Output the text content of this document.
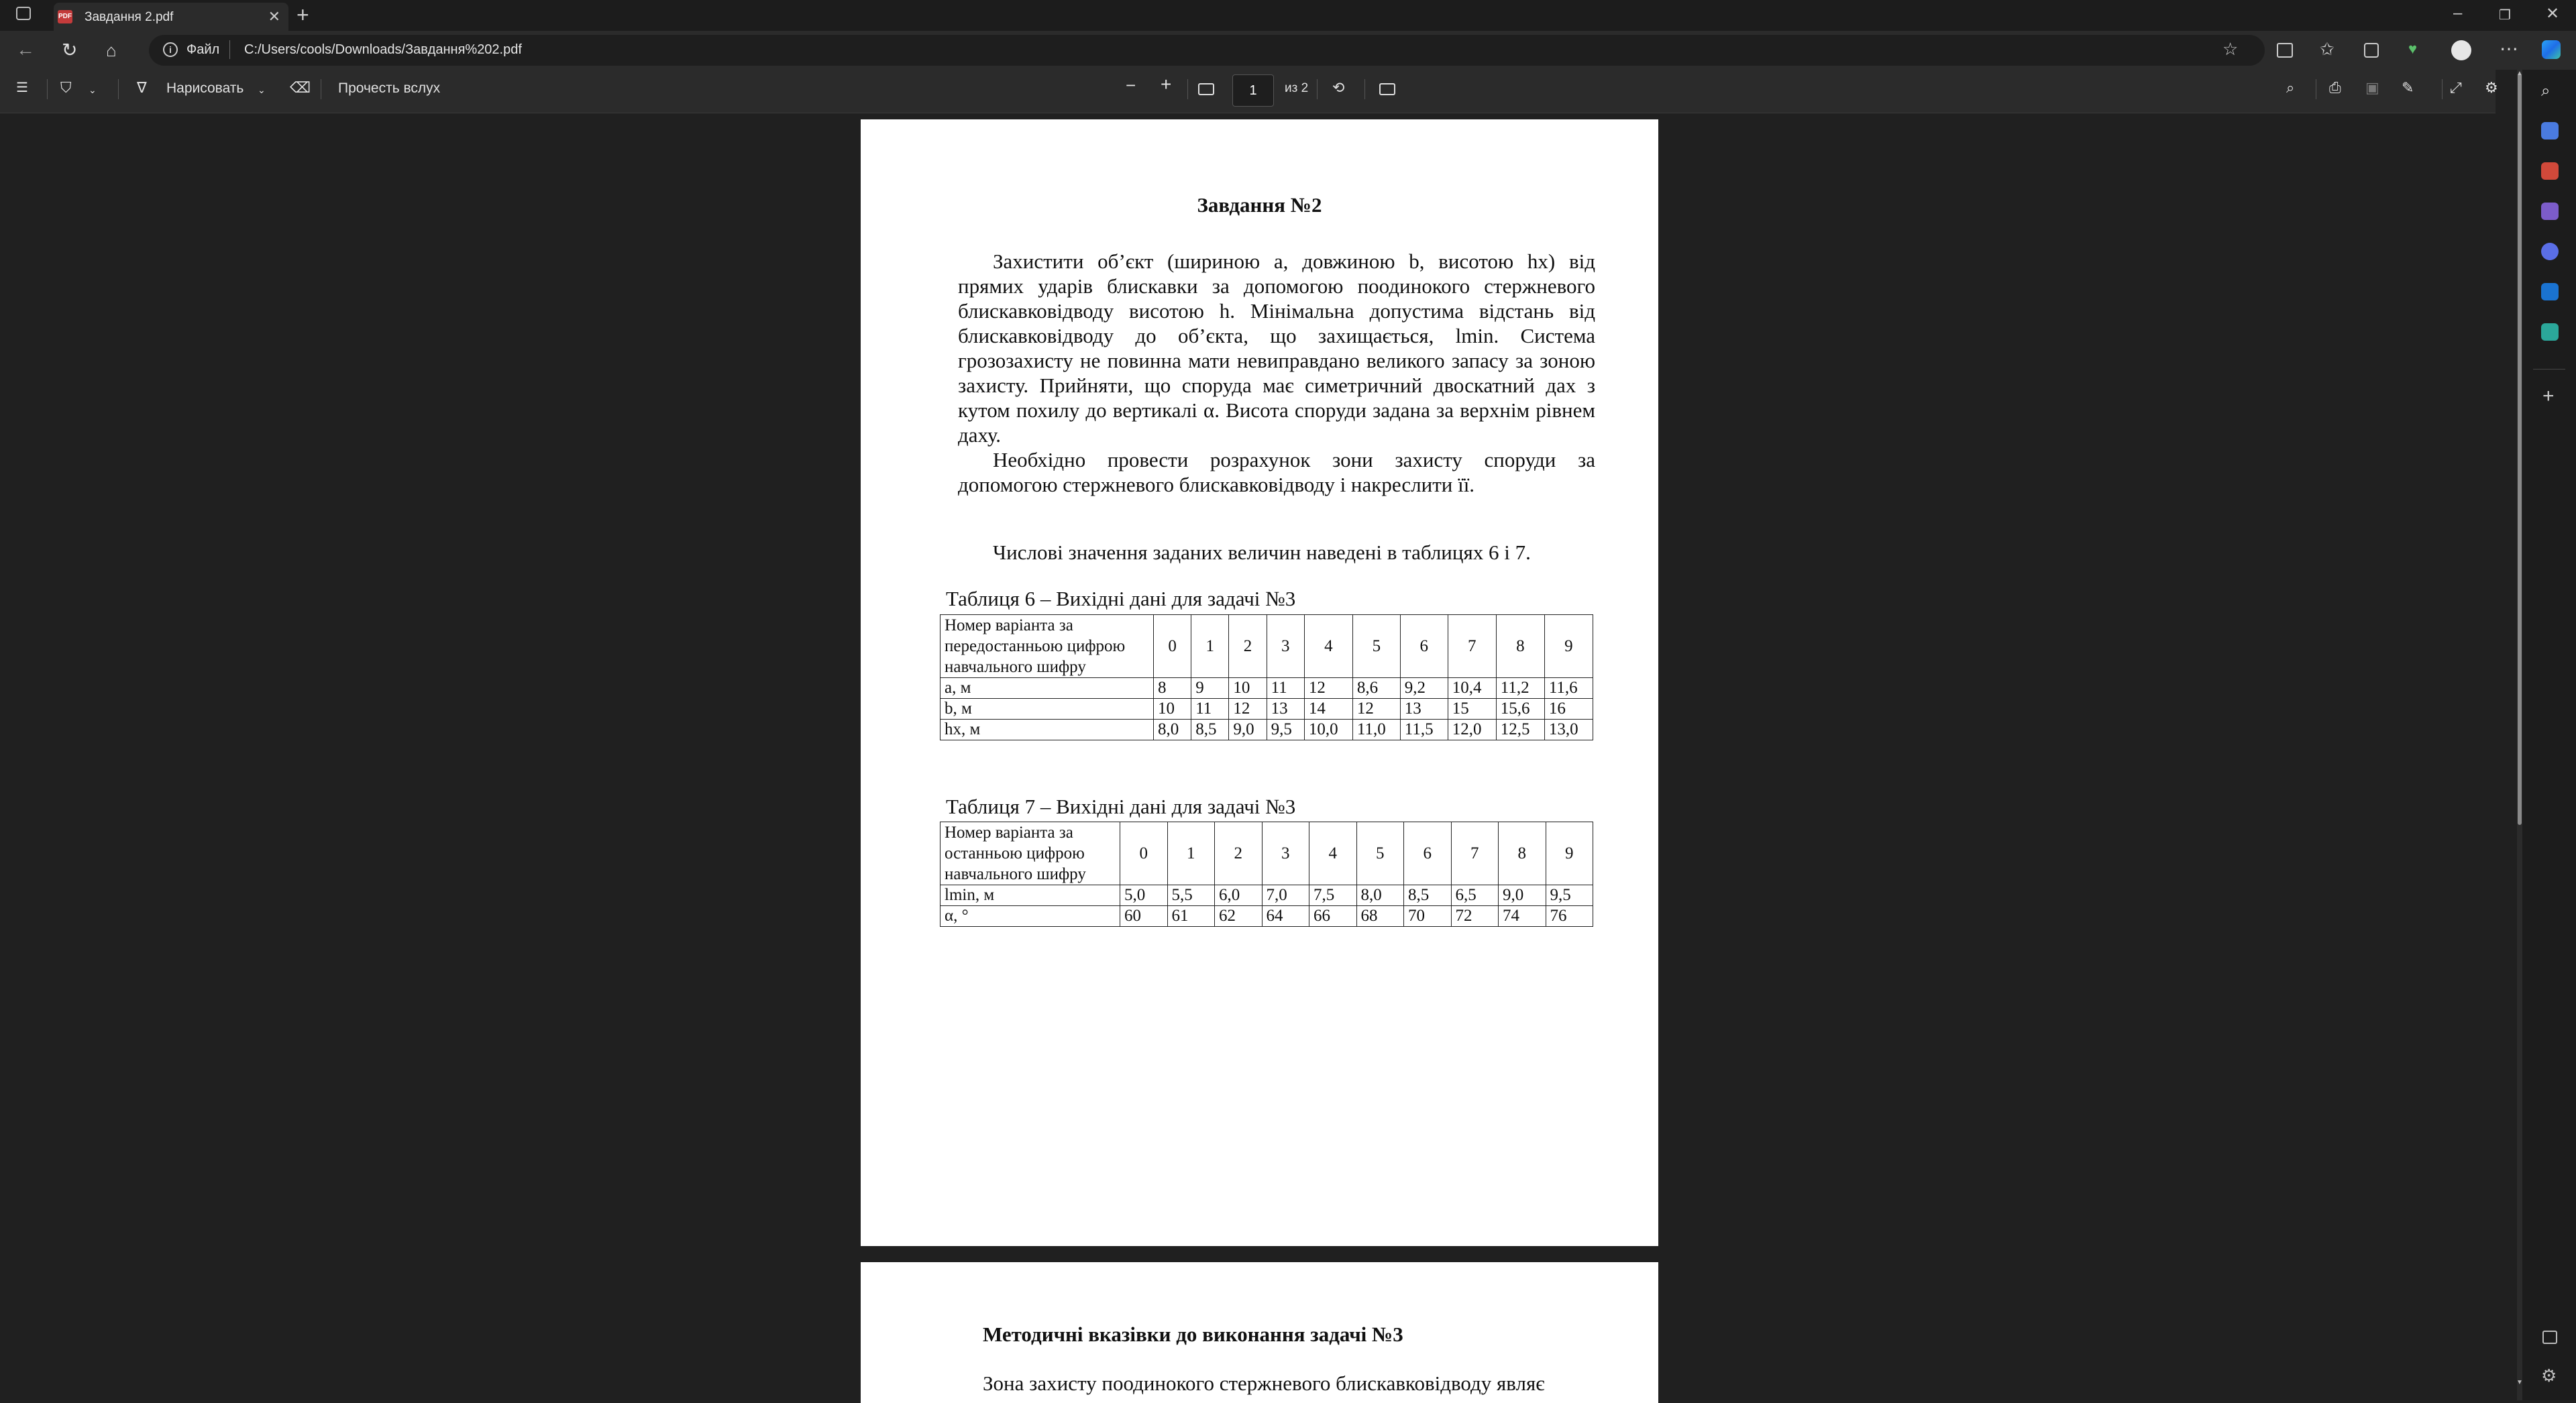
PDF Завдання 2.pdf	✕ +	–	❐ ✕
← ↻ ⌂	i	Файл C:/Users/cools/Downloads/Завдання%202.pdf	☆	✩	♥	⋯
☰ ⛉ ⌄	∇ Нарисовать ⌄ ⌫ Прочесть вслух	− +	1	из 2 ⟲	⌕ ⎙ ▣ ✎ ⤢ ⚙	⌕
+
⚙
▲
▼
Завдання №2

Захистити об’єкт (шириною a, довжиною b, висотою hx) від прямих ударів блискавки за допомогою поодинокого стержневого блискавковідводу висотою h. Мінімальна допустима відстань від блискавковідводу до об’єкта, що захищається, lmin. Система грозозахисту не повинна мати невиправдано великого запасу за зоною захисту. Прийняти, що споруда має симетричний двоскатний дах з кутом похилу до вертикалі α. Висота споруди задана за верхнім рівнем даху.

Необхідно провести розрахунок зони захисту споруди за допомогою стержневого блискавковідводу і накреслити її.

Числові значення заданих величин наведені в таблицях 6 і 7.

Таблиця 6 – Вихідні дані для задачі №3
Номер варіанта за передостанньою цифрою навчального шифру	0	1	2	3	4	5	6	7	8	9
a, м	8	9	10	11	12	8,6	9,2	10,4	11,2	11,6
b, м	10	11	12	13	14	12	13	15	15,6	16
hx, м	8,0	8,5	9,0	9,5	10,0	11,0	11,5	12,0	12,5	13,0
Таблиця 7 – Вихідні дані для задачі №3
Номер варіанта за останньою цифрою навчального шифру	0	1	2	3	4	5	6	7	8	9
lmin, м	5,0	5,5	6,0	7,0	7,5	8,0	8,5	6,5	9,0	9,5
α, °	60	61	62	64	66	68	70	72	74	76
Методичні вказівки до виконання задачі №3
Зона захисту поодинокого стержневого блискавковідводу являє
